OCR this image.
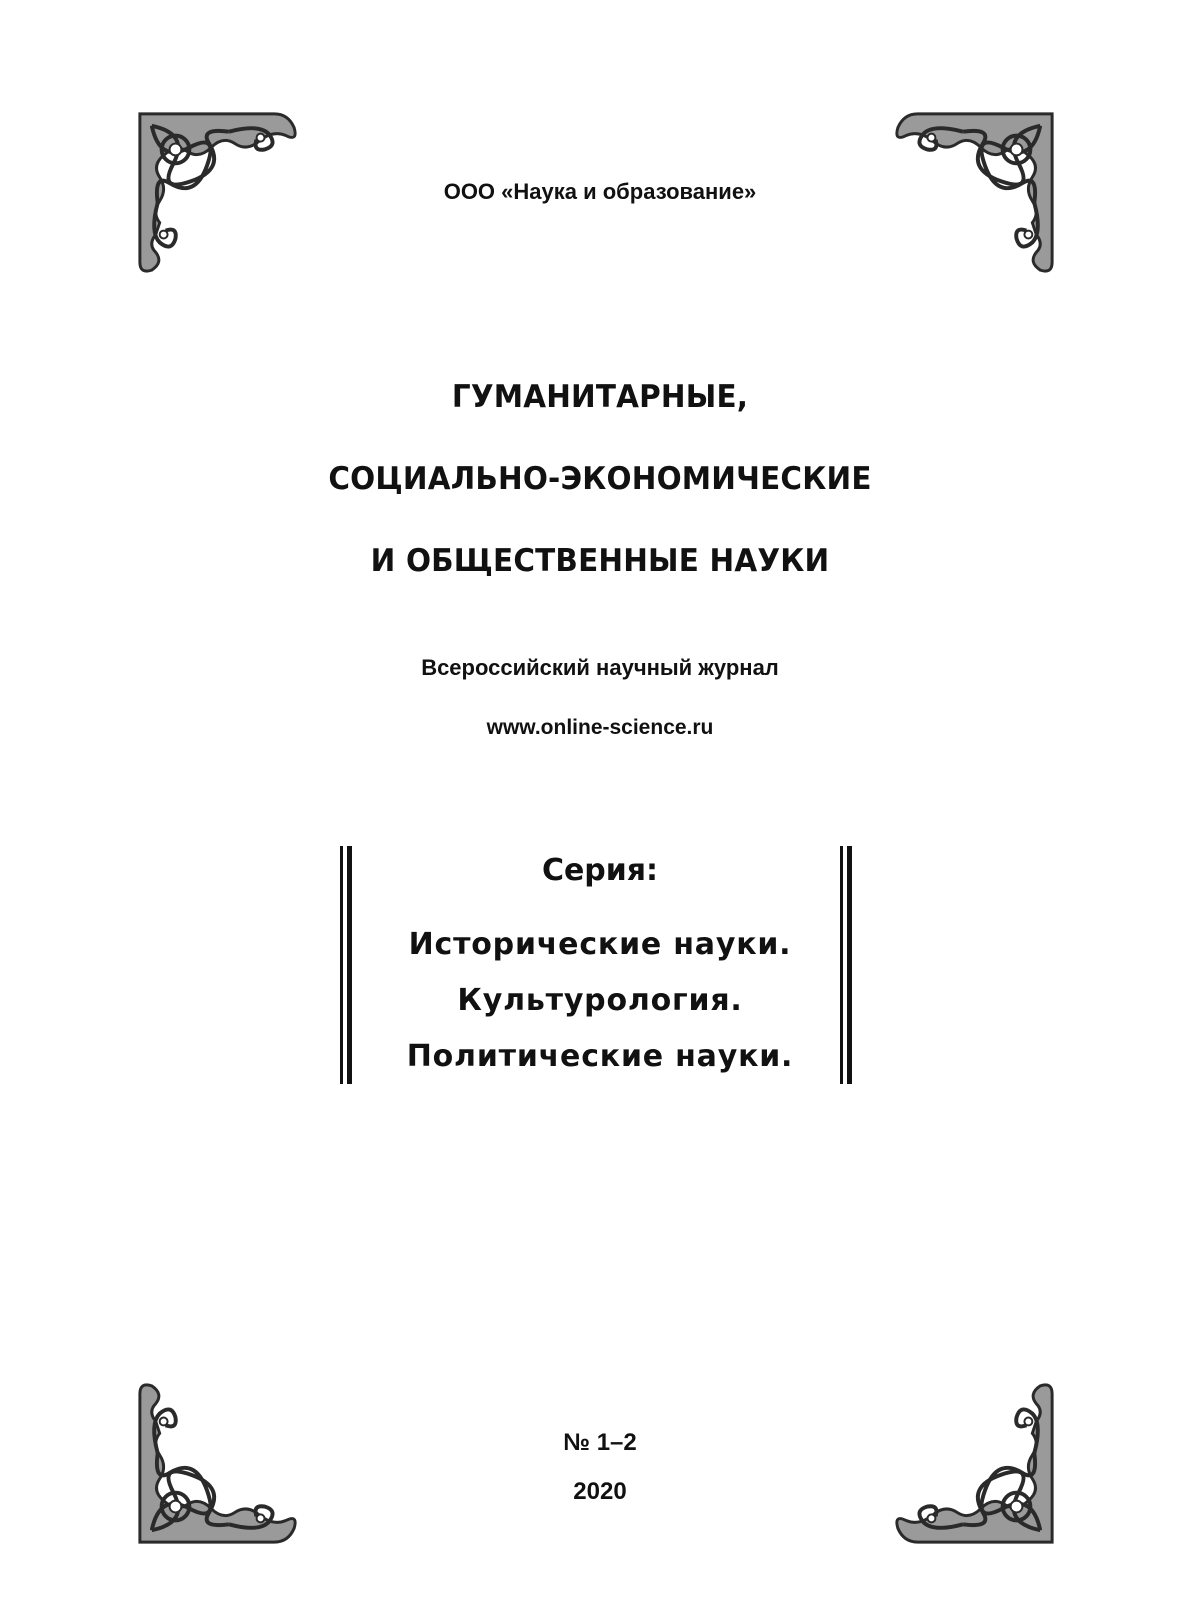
ООО «Наука и образование»
ГУМАНИТАРНЫЕ,
СОЦИАЛЬНО-ЭКОНОМИЧЕСКИЕ
И ОБЩЕСТВЕННЫЕ НАУКИ
Всероссийский научный журнал
www.online-science.ru
Серия:
Исторические науки.
Культурология.
Политические науки.
№ 1–2
2020
